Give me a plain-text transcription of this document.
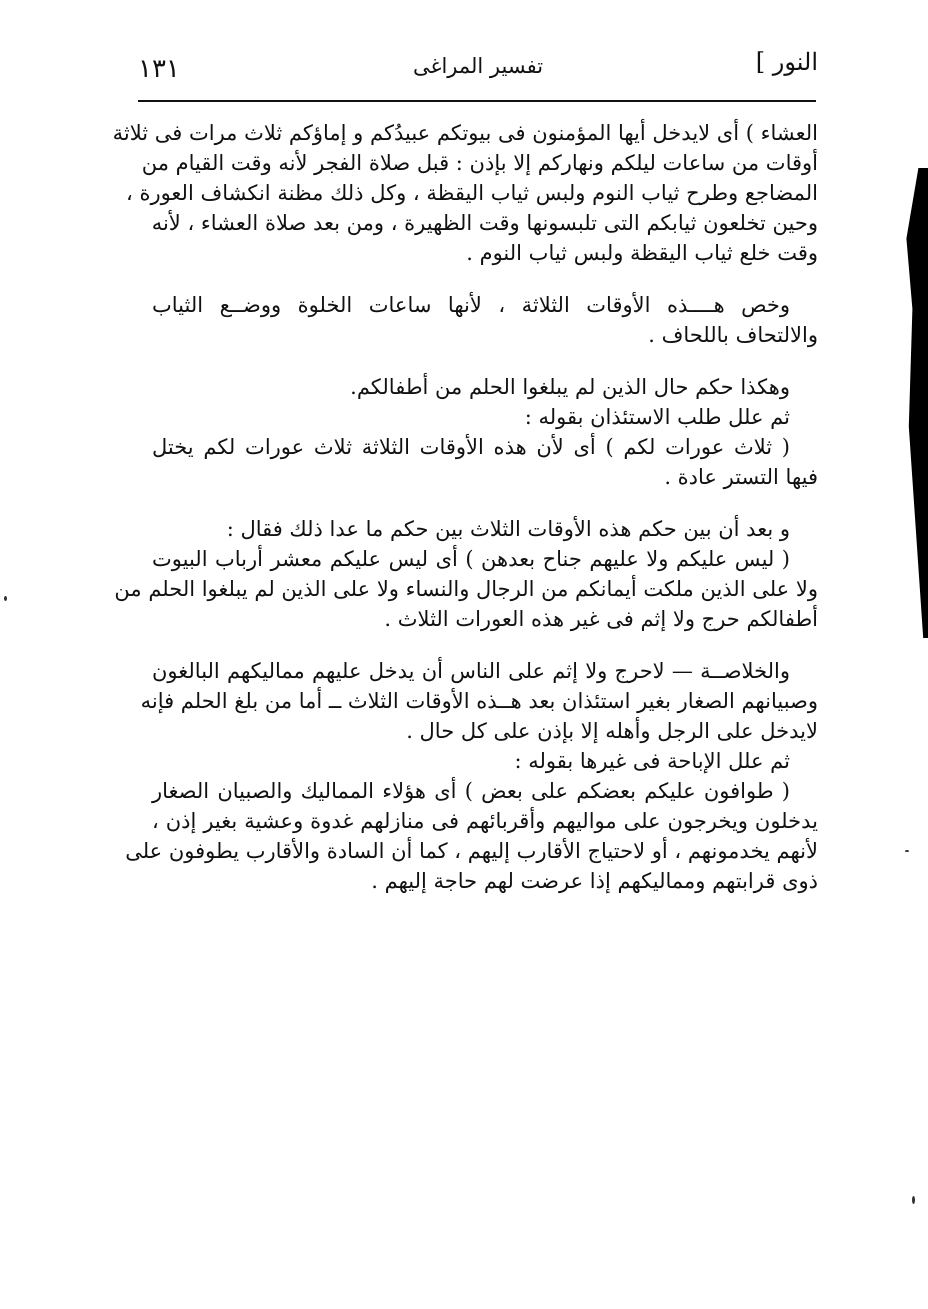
النور ]
تفسير المراغى
١٣١
العشاء ) أى لايدخل أيها المؤمنون فى بيوتكم عبيدُكم و إماؤكم ثلاث مرات فى ثلاثة
أوقات من ساعات ليلكم ونهاركم إلا بإذن : قبل صلاة الفجر لأنه وقت القيام من
المضاجع وطرح ثياب النوم ولبس ثياب اليقظة ، وكل ذلك مظنة انكشاف العورة ،
وحين تخلعون ثيابكم التى تلبسونها وقت الظهيرة ، ومن بعد صلاة العشاء ، لأنه
وقت خلع ثياب اليقظة ولبس ثياب النوم .
وخص هــــذه الأوقات الثلاثة ، لأنها ساعات الخلوة ووضــع الثياب
والالتحاف باللحاف .
وهكذا حكم حال الذين لم يبلغوا الحلم من أطفالكم.
ثم علل طلب الاستئذان بقوله :
( ثلاث عورات لكم ) أى لأن هذه الأوقات الثلاثة ثلاث عورات لكم يختل
فيها التستر عادة .
و بعد أن بين حكم هذه الأوقات الثلاث بين حكم ما عدا ذلك فقال :
( ليس عليكم ولا عليهم جناح بعدهن ) أى ليس عليكم معشر أرباب البيوت
ولا على الذين ملكت أيمانكم من الرجال والنساء ولا على الذين لم يبلغوا الحلم من
أطفالكم حرج ولا إثم فى غير هذه العورات الثلاث .
والخلاصــة — لاحرج ولا إثم على الناس أن يدخل عليهم مماليكهم البالغون
وصبيانهم الصغار بغير استئذان بعد هــذه الأوقات الثلاث ــ أما من بلغ الحلم فإنه
لايدخل على الرجل وأهله إلا بإذن على كل حال .
ثم علل الإباحة فى غيرها بقوله :
( طوافون عليكم بعضكم على بعض ) أى هؤلاء المماليك والصبيان الصغار
يدخلون ويخرجون على مواليهم وأقربائهم فى منازلهم غدوة وعشية بغير إذن ،
لأنهم يخدمونهم ، أو لاحتياج الأقارب إليهم ، كما أن السادة والأقارب يطوفون على
ذوى قرابتهم ومماليكهم إذا عرضت لهم حاجة إليهم .
